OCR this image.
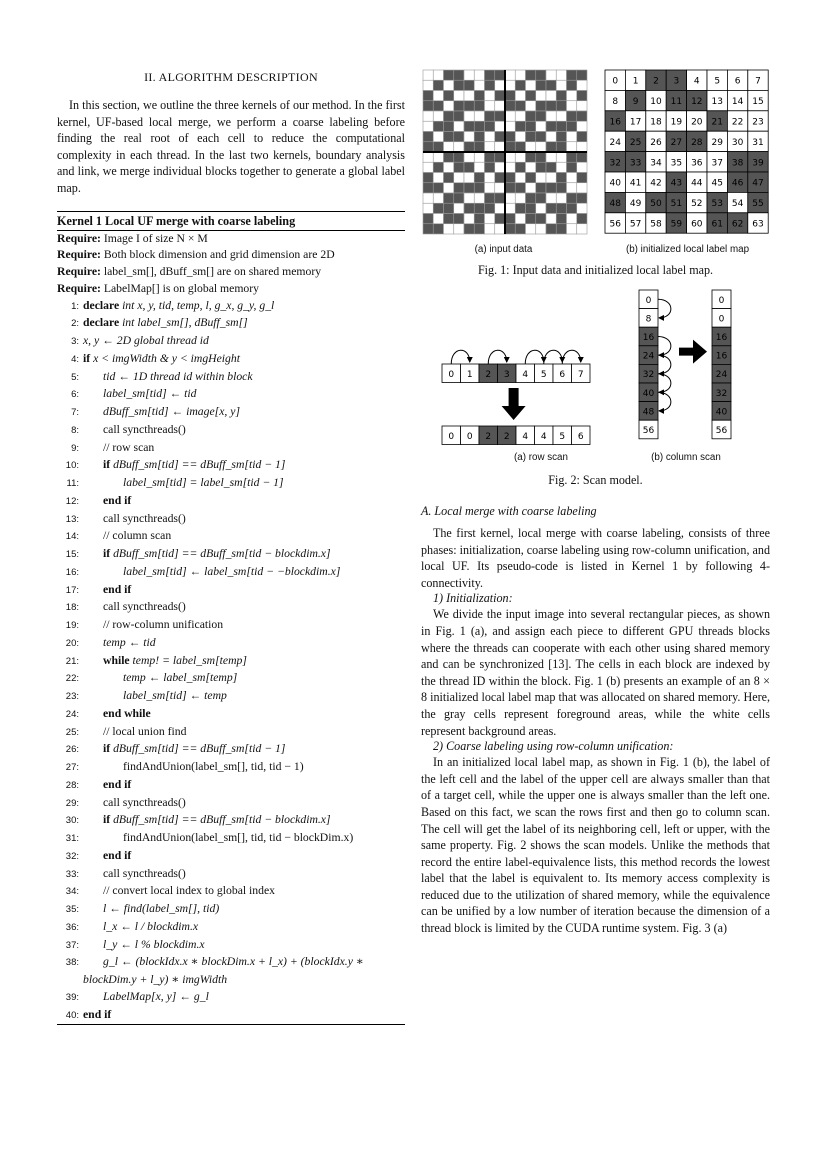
II. ALGORITHM DESCRIPTION

In this section, we outline the three kernels of our method. In the first kernel, UF-based local merge, we perform a coarse labeling before finding the real root of each cell to reduce the computational complexity in each thread. In the last two kernels, boundary analysis and link, we merge individual blocks together to generate a global label map.

Kernel 1 Local UF merge with coarse labeling
Require: Image I of size N × M
Require: Both block dimension and grid dimension are 2D
Require: label_sm[], dBuff_sm[] are on shared memory
Require: LabelMap[] is on global memory
1: declare int x, y, tid, temp, l, g_x, g_y, g_l
2: declare int label_sm[], dBuff_sm[]
3: x, y ← 2D global thread id
4: if x < imgWidth & y < imgHeight
5: tid ← 1D thread id within block
6: label_sm[tid] ← tid
7: dBuff_sm[tid] ← image[x, y]
8: call syncthreads()
9: // row scan
10: if dBuff_sm[tid] == dBuff_sm[tid − 1]
11:	label_sm[tid] = label_sm[tid − 1]
12: end if
13: call syncthreads()
14: // column scan
15: if dBuff_sm[tid] == dBuff_sm[tid − blockdim.x]
16:	label_sm[tid] ← label_sm[tid − −blockdim.x]
17: end if
18: call syncthreads()
19: // row-column unification
20: temp ← tid
21: while temp! = label_sm[temp]
22:	temp ← label_sm[temp]
23:	label_sm[tid] ← temp
24: end while
25: // local union find
26: if dBuff_sm[tid] == dBuff_sm[tid − 1]
27:	findAndUnion(label_sm[], tid, tid − 1)
28: end if
29: call syncthreads()
30: if dBuff_sm[tid] == dBuff_sm[tid − blockdim.x]
31:	findAndUnion(label_sm[], tid, tid − blockDim.x)
32: end if
33: call syncthreads()
34: // convert local index to global index
35: l ← find(label_sm[], tid)
36: l_x ← l / blockdim.x
37: l_y ← l % blockdim.x
38: g_l ← (blockIdx.x ∗ blockDim.x + l_x) + (blockIdx.y ∗
blockDim.y + l_y) ∗ imgWidth
39: LabelMap[x, y] ← g_l
40: end if
0 1 2 3 4 5 6 7
8 9 10 11 12 13 14 15
16 17 18 19 20 21 22 23
24 25 26 27 28 29 30 31
32 33 34 35 36 37 38 39
40 41 42 43 44 45 46 47
48 49 50 51 52 53 54 55
56 57 58 59 60 61 62 63
(a) input data	(b) initialized local label map
Fig. 1: Input data and initialized local label map.
0 1 2 3 4 5 6 7
0 0 2 2 4 4 5 6
0
8
16
24
32
40
48
56
0
0
16
16
24
32
40
56
(a) row scan	(b) column scan
Fig. 2: Scan model.

A. Local merge with coarse labeling

The first kernel, local merge with coarse labeling, consists of three phases: initialization, coarse labeling using row-column unification, and local UF. Its pseudo-code is listed in Kernel 1 by following 4-connectivity.

1) Initialization:

We divide the input image into several rectangular pieces, as shown in Fig. 1 (a), and assign each piece to different GPU threads blocks where the threads can cooperate with each other using shared memory and can be synchronized [13]. The cells in each block are indexed by the thread ID within the block. Fig. 1 (b) presents an example of an 8 × 8 initialized local label map that was allocated on shared memory. Here, the gray cells represent foreground areas, while the white cells represent background areas.

2) Coarse labeling using row-column unification:

In an initialized local label map, as shown in Fig. 1 (b), the label of the left cell and the label of the upper cell are always smaller than that of a target cell, while the upper one is always smaller than the left one. Based on this fact, we scan the rows first and then go to column scan. The cell will get the label of its neighboring cell, left or upper, with the same property. Fig. 2 shows the scan models. Unlike the methods that record the entire label-equivalence lists, this method records the lowest label that the label is equivalent to. Its memory access complexity is reduced due to the utilization of shared memory, while the equivalence can be unified by a low number of iteration because the dimension of a thread block is limited by the CUDA runtime system. Fig. 3 (a)
